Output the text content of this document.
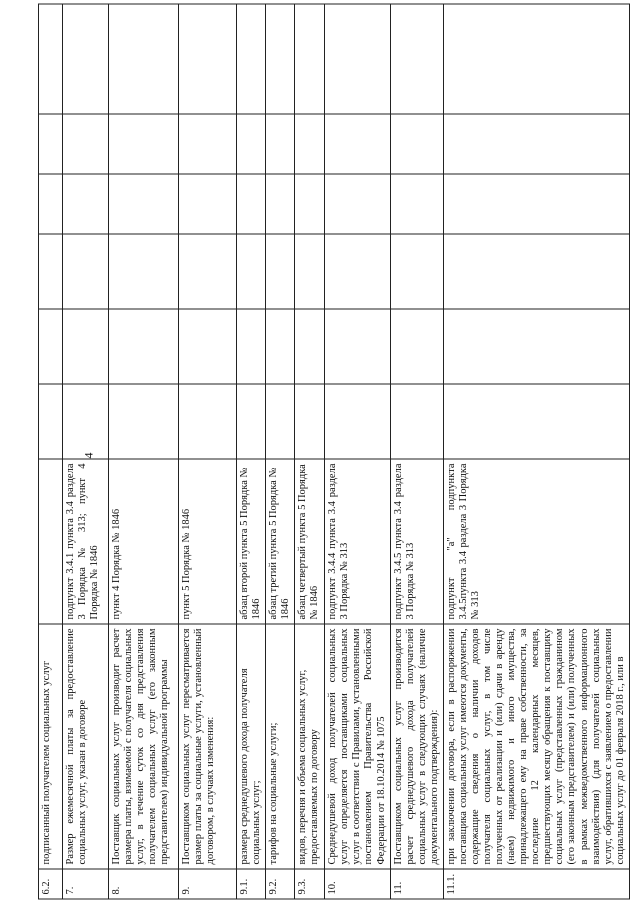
4
6.2.	подписанный получателем социальных услуг							
7.	Размер ежемесячной платы за предоставление социальных услуг, указан в договоре	подпункт 3.4.1 пункта 3.4 раздела 3 Порядка № 313; пункт 4 Порядка № 1846						
8.	Поставщик социальных услуг производит расчет размера платы, взимаемой с получателя социальных услуг, в течение суток со дня представления получателем социальных услуг (его законным представителем) индивидуальной программы	пункт 4 Порядка № 1846						
9.	Поставщиком социальных услуг пересматривается размер платы за социальные услуги, установленный договором, в случаях изменения:	пункт 5 Порядка № 1846						
9.1.	размера среднедушевого дохода получателя социальных услуг;	абзац второй пункта 5 Порядка № 1846						
9.2.	тарифов на социальные услуги;	абзац третий пункта 5 Порядка № 1846						
9.3.	видов, перечня и объема социальных услуг, предоставляемых по договору	абзац четвертый пункта 5 Порядка № 1846						
10.	Среднедушевой доход получателей социальных услуг определяется поставщиками социальных услуг в соответствии с Правилами, установленными постановлением Правительства Российской Федерации от 18.10.2014 № 1075	подпункт 3.4.4 пункта 3.4 раздела 3 Порядка № 313						
11.	Поставщиком социальных услуг производится расчет среднедушевого дохода получателей социальных услуг в следующих случаях (наличие документального подтверждения):	подпункт 3.4.5 пункта 3.4 раздела 3 Порядка № 313						
11.1.	при заключении договора, если в распоряжении поставщика социальных услуг имеются документы, содержащие сведения о наличии доходов получателя социальных услуг, в том числе полученных от реализации и (или) сдачи в аренду (наем) недвижимого и иного имущества, принадлежащего ему на праве собственности, за последние 12 календарных месяцев, предшествующих месяцу обращения к поставщику социальных услуг (представленных гражданином (его законным представителем) и (или) полученных в рамках межведомственного информационного взаимодействия) (для получателей социальных услуг, обратившихся с заявлением о предоставлении социальных услуг до 01 февраля 2018 г., или в	подпункт "а" подпункта 3.4.5пункта 3.4 раздела 3 Порядка № 313						
